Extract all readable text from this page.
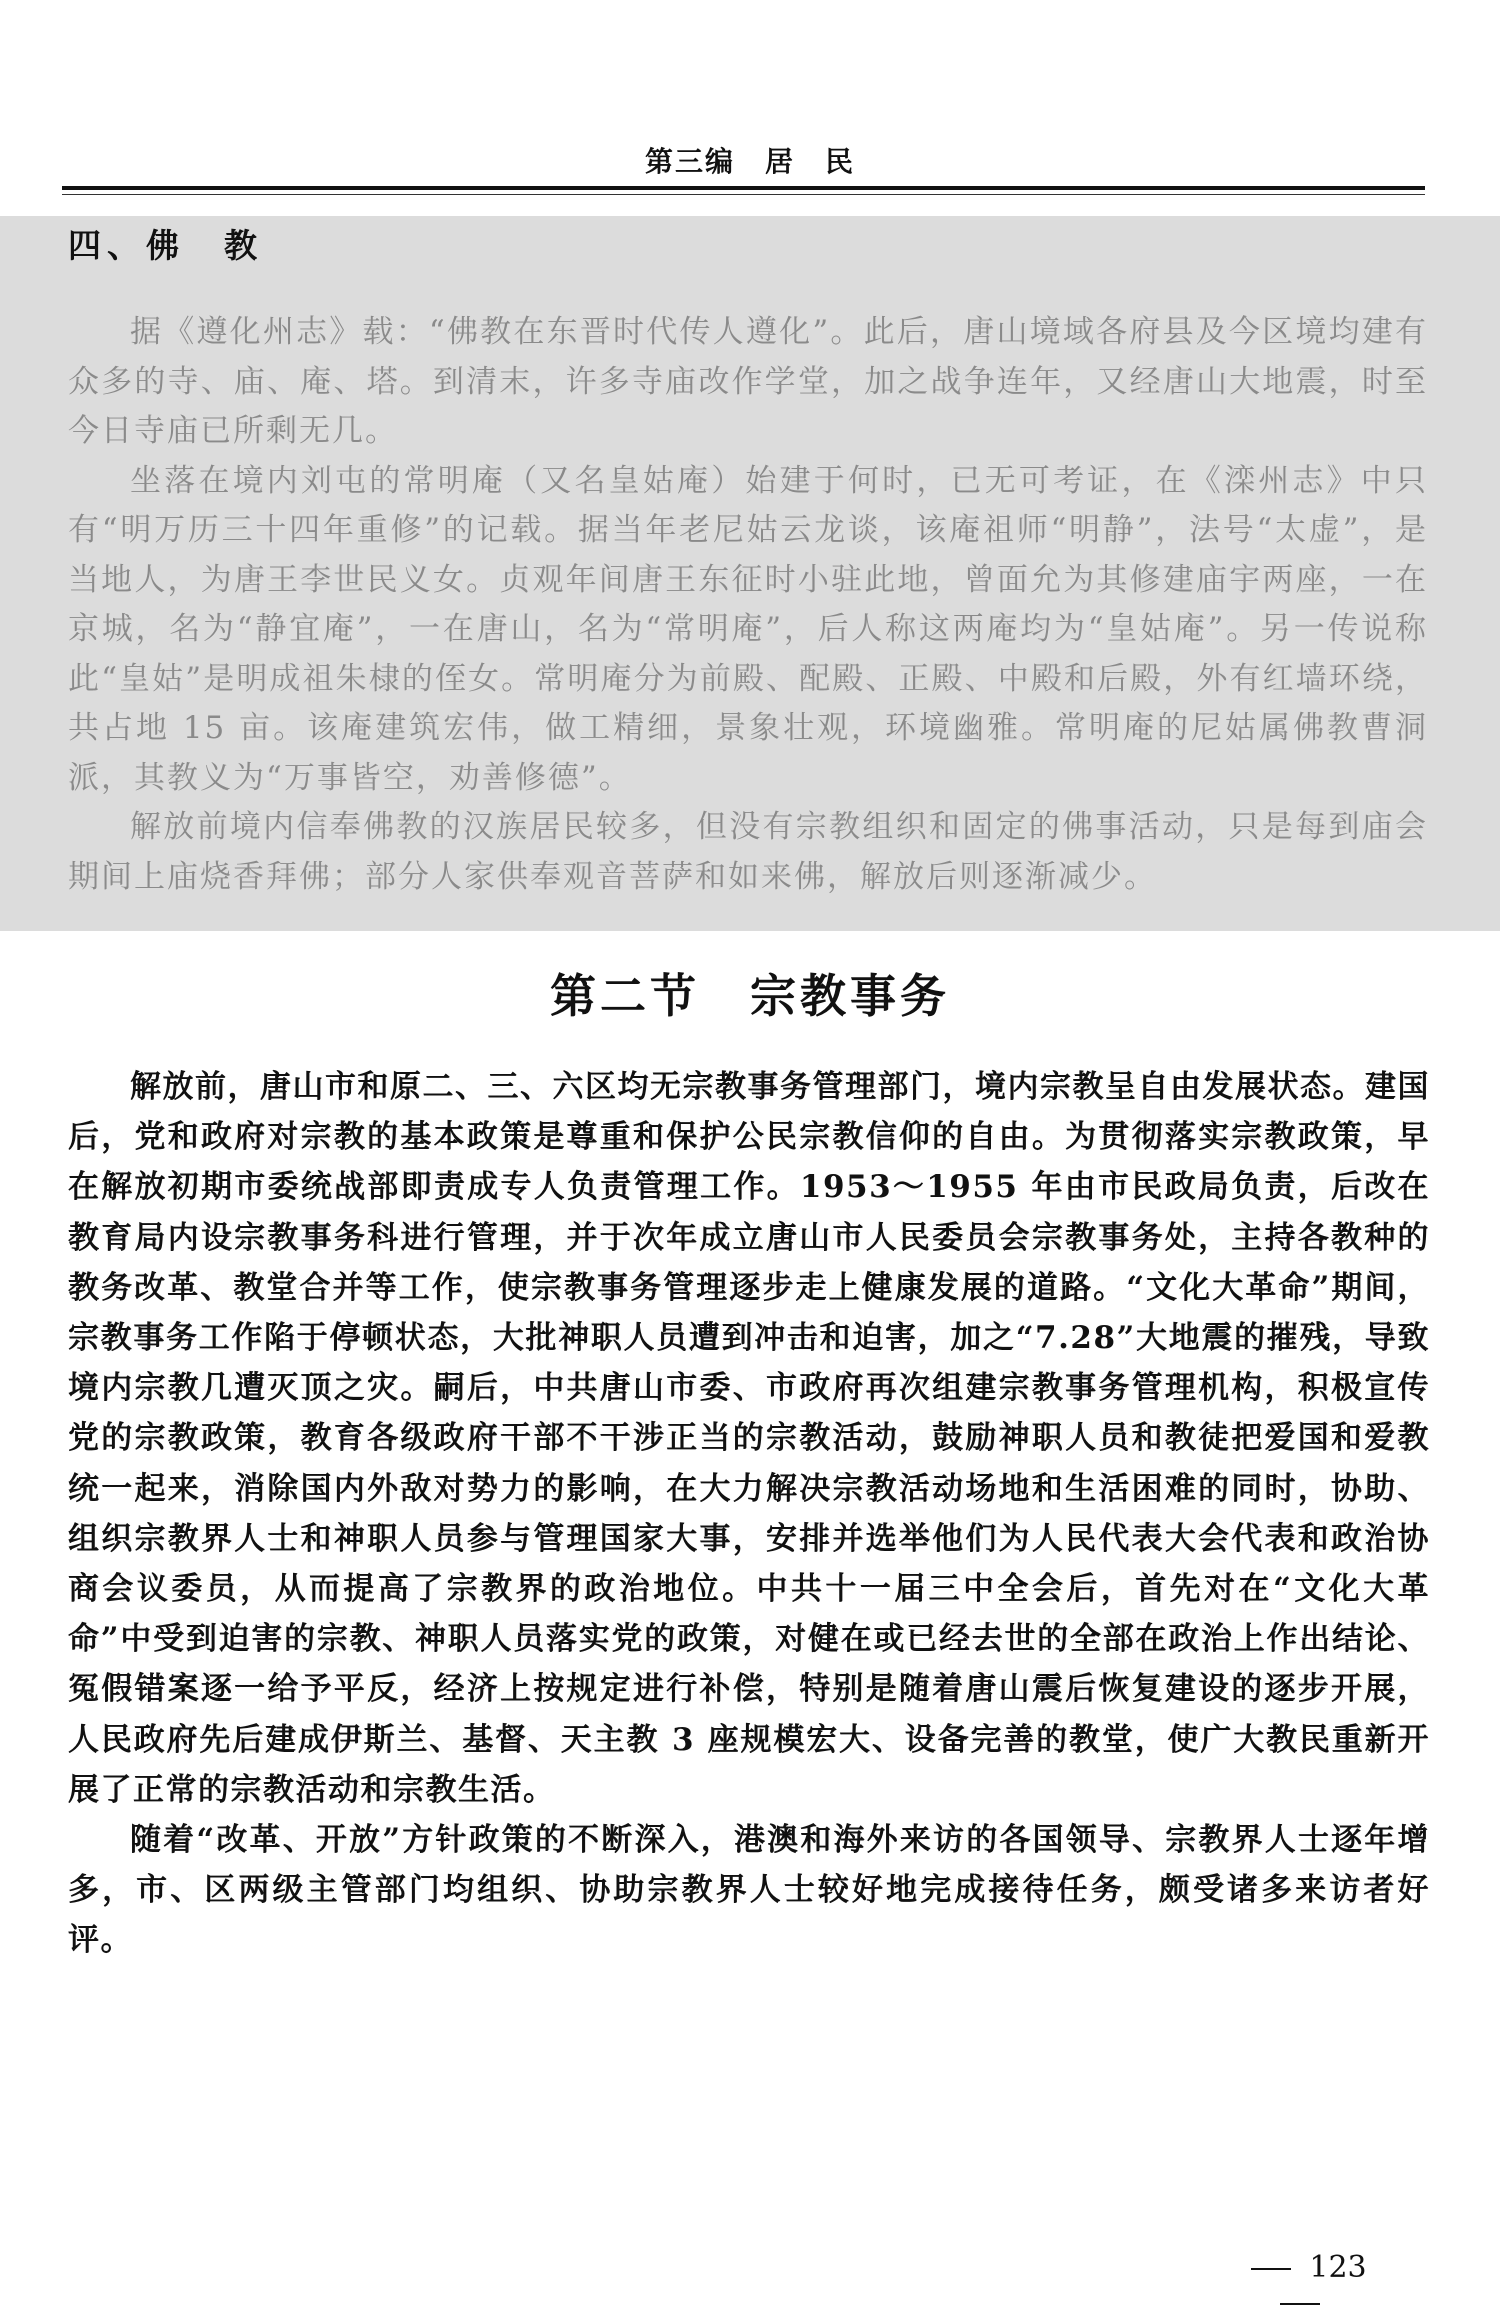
第三编　居　民
四、佛　教

据《遵化州志》载：“佛教在东晋时代传人遵化”。此后，唐山境域各府县及今区境均建有众多的寺、庙、庵、塔。到清末，许多寺庙改作学堂，加之战争连年，又经唐山大地震，时至今日寺庙已所剩无几。

坐落在境内刘屯的常明庵（又名皇姑庵）始建于何时，已无可考证，在《滦州志》中只有“明万历三十四年重修”的记载。据当年老尼姑云龙谈，该庵祖师“明静”，法号“太虚”，是当地人，为唐王李世民义女。贞观年间唐王东征时小驻此地，曾面允为其修建庙宇两座，一在京城，名为“静宜庵”，一在唐山，名为“常明庵”，后人称这两庵均为“皇姑庵”。另一传说称此“皇姑”是明成祖朱棣的侄女。常明庵分为前殿、配殿、正殿、中殿和后殿，外有红墙环绕，共占地 15 亩。该庵建筑宏伟，做工精细，景象壮观，环境幽雅。常明庵的尼姑属佛教曹洞派，其教义为“万事皆空，劝善修德”。

解放前境内信奉佛教的汉族居民较多，但没有宗教组织和固定的佛事活动，只是每到庙会期间上庙烧香拜佛；部分人家供奉观音菩萨和如来佛，解放后则逐渐减少。

第二节　宗教事务

解放前，唐山市和原二、三、六区均无宗教事务管理部门，境内宗教呈自由发展状态。建国后，党和政府对宗教的基本政策是尊重和保护公民宗教信仰的自由。为贯彻落实宗教政策，早在解放初期市委统战部即责成专人负责管理工作。1953～1955 年由市民政局负责，后改在教育局内设宗教事务科进行管理，并于次年成立唐山市人民委员会宗教事务处，主持各教种的教务改革、教堂合并等工作，使宗教事务管理逐步走上健康发展的道路。“文化大革命”期间，宗教事务工作陷于停顿状态，大批神职人员遭到冲击和迫害，加之“7.28”大地震的摧残，导致境内宗教几遭灭顶之灾。嗣后，中共唐山市委、市政府再次组建宗教事务管理机构，积极宣传党的宗教政策，教育各级政府干部不干涉正当的宗教活动，鼓励神职人员和教徒把爱国和爱教统一起来，消除国内外敌对势力的影响，在大力解决宗教活动场地和生活困难的同时，协助、组织宗教界人士和神职人员参与管理国家大事，安排并选举他们为人民代表大会代表和政治协商会议委员，从而提高了宗教界的政治地位。中共十一届三中全会后，首先对在“文化大革命”中受到迫害的宗教、神职人员落实党的政策，对健在或已经去世的全部在政治上作出结论、冤假错案逐一给予平反，经济上按规定进行补偿，特别是随着唐山震后恢复建设的逐步开展，人民政府先后建成伊斯兰、基督、天主教 3 座规模宏大、设备完善的教堂，使广大教民重新开展了正常的宗教活动和宗教生活。

随着“改革、开放”方针政策的不断深入，港澳和海外来访的各国领导、宗教界人士逐年增多，市、区两级主管部门均组织、协助宗教界人士较好地完成接待任务，颇受诸多来访者好评。

123
